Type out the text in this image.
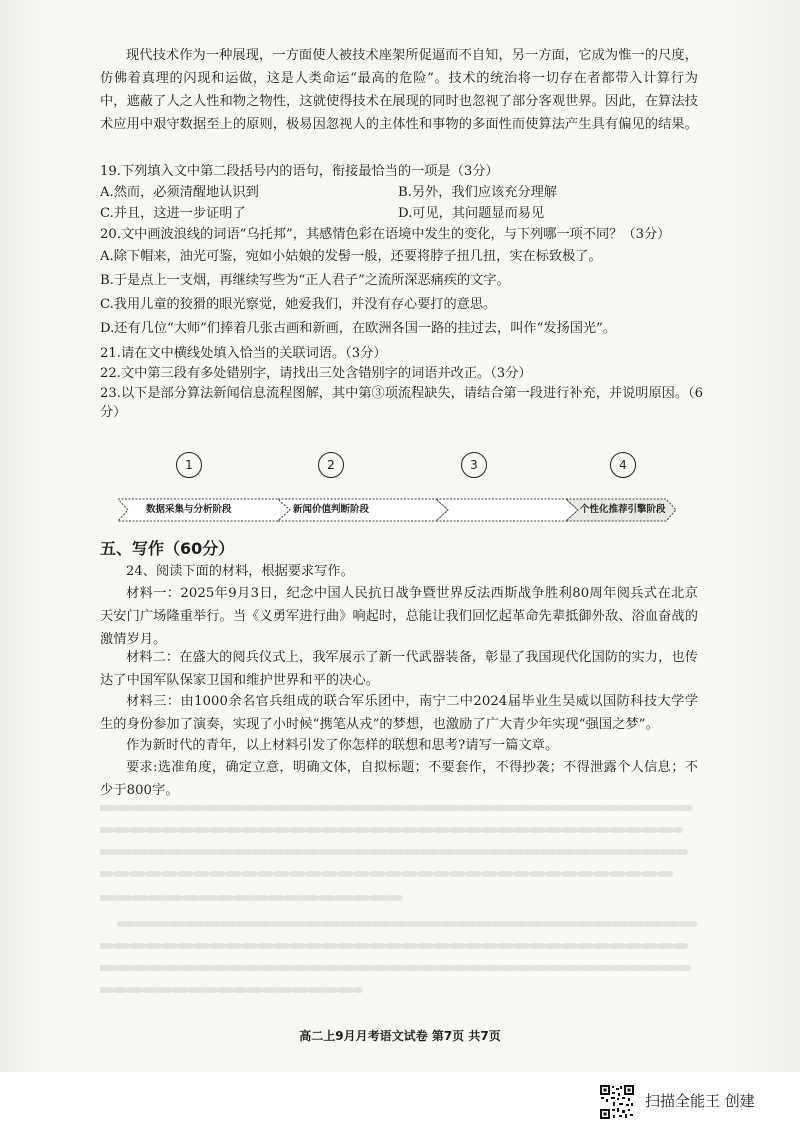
现代技术作为一种展现，一方面使人被技术座架所促逼而不自知，另一方面，它成为惟一的尺度，仿佛着真理的闪现和运做，这是人类命运“最高的危险”。技术的统治将一切存在者都带入计算行为中，遮蔽了人之人性和物之物性，这就使得技术在展现的同时也忽视了部分客观世界。因此，在算法技术应用中艰守数据至上的原则，极易因忽视人的主体性和事物的多面性而使算法产生具有偏见的结果。
19.下列填入文中第二段括号内的语句，衔接最恰当的一项是（3分）
A.然而，必须清醒地认识到	B.另外，我们应该充分理解
C.并且，这进一步证明了	D.可见，其问题显而易见
20.文中画波浪线的词语“乌托邦”，其感情色彩在语境中发生的变化，与下列哪一项不同？（3分）
A.除下帽来，油光可鉴，宛如小姑娘的发髻一般，还要将脖子扭几扭，实在标致极了。
B.于是点上一支烟，再继续写些为“正人君子”之流所深恶痛疾的文字。
C.我用儿童的狡猾的眼光察觉，她爱我们，并没有存心要打的意思。
D.还有几位“大师”们捧着几张古画和新画，在欧洲各国一路的挂过去，叫作“发扬国光”。
21.请在文中横线处填入恰当的关联词语。（3分）
22.文中第三段有多处错别字，请找出三处含错别字的词语并改正。（3分）
23.以下是部分算法新闻信息流程图解，其中第③项流程缺失，请结合第一段进行补充，并说明原因。（6
分）
1	2	3	4
数据采集与分析阶段	新闻价值判断阶段	个性化推荐引擎阶段
五、写作（60分）
24、阅读下面的材料，根据要求写作。
材料一：2025年9月3日，纪念中国人民抗日战争暨世界反法西斯战争胜利80周年阅兵式在北京天安门广场隆重举行。当《义勇军进行曲》响起时，总能让我们回忆起革命先辈抵御外敌、浴血奋战的激情岁月。
材料二：在盛大的阅兵仪式上，我军展示了新一代武器装备，彰显了我国现代化国防的实力，也传达了中国军队保家卫国和维护世界和平的决心。
材料三：由1000余名官兵组成的联合军乐团中，南宁二中2024届毕业生吴威以国防科技大学学生的身份参加了演奏，实现了小时候“携笔从戎”的梦想，也激励了广大青少年实现“强国之梦”。
作为新时代的青年，以上材料引发了你怎样的联想和思考?请写一篇文章。
要求:选准角度，确定立意，明确文体，自拟标题；不要套作，不得抄袭；不得泄露个人信息；不少于800字。
高二上9月月考语文试卷 第7页 共7页
扫描全能王 创建
